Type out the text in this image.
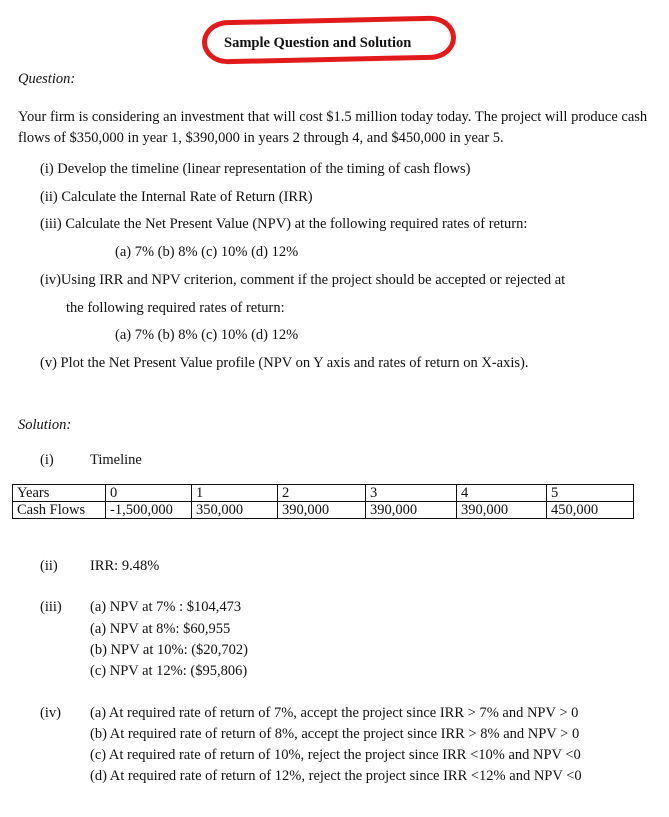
Sample Question and Solution
Question:
Your firm is considering an investment that will cost $1.5 million today today. The project will produce cash flows of $350,000 in year 1, $390,000 in years 2 through 4, and $450,000 in year 5.
(i) Develop the timeline (linear representation of the timing of cash flows)
(ii) Calculate the Internal Rate of Return (IRR)
(iii) Calculate the Net Present Value (NPV) at the following required rates of return:
(a) 7% (b) 8% (c) 10% (d) 12%
(iv)Using IRR and NPV criterion, comment if the project should be accepted or rejected at
the following required rates of return:
(a) 7% (b) 8% (c) 10% (d) 12%
(v) Plot the Net Present Value profile (NPV on Y axis and rates of return on X-axis).
Solution:
(i)	Timeline
Years	0	1	2	3	4	5
Cash Flows	-1,500,000	350,000	390,000	390,000	390,000	450,000
(ii) IRR: 9.48%
(iii) (a) NPV at 7% : $104,473
(a) NPV at 8%: $60,955
(b) NPV at 10%: ($20,702)
(c) NPV at 12%: ($95,806)
(iv) (a) At required rate of return of 7%, accept the project since IRR > 7% and NPV > 0
(b) At required rate of return of 8%, accept the project since IRR > 8% and NPV > 0
(c) At required rate of return of 10%, reject the project since IRR <10% and NPV <0
(d) At required rate of return of 12%, reject the project since IRR <12% and NPV <0
